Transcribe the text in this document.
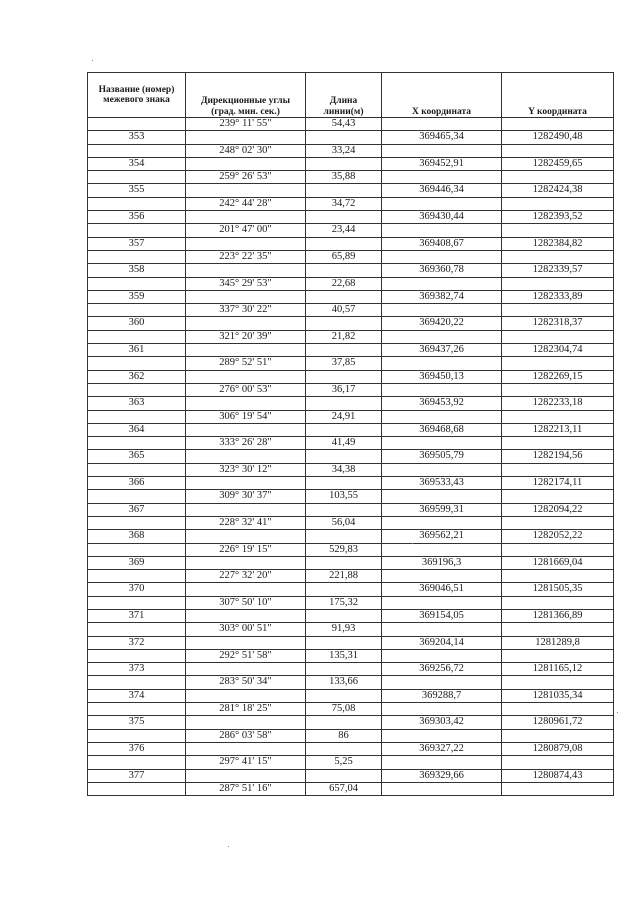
Название (номер) межевого знака	Дирекционные углы (град. мин. сек.)	Длина линии(м)	X координата	Y координата
	239° 11' 55"	54,43		
353			369465,34	1282490,48
	248° 02' 30"	33,24		
354			369452,91	1282459,65
	259° 26' 53"	35,88		
355			369446,34	1282424,38
	242° 44' 28"	34,72		
356			369430,44	1282393,52
	201° 47' 00"	23,44		
357			369408,67	1282384,82
	223° 22' 35"	65,89		
358			369360,78	1282339,57
	345° 29' 53"	22,68		
359			369382,74	1282333,89
	337° 30' 22"	40,57		
360			369420,22	1282318,37
	321° 20' 39"	21,82		
361			369437,26	1282304,74
	289° 52' 51"	37,85		
362			369450,13	1282269,15
	276° 00' 53"	36,17		
363			369453,92	1282233,18
	306° 19' 54"	24,91		
364			369468,68	1282213,11
	333° 26' 28"	41,49		
365			369505,79	1282194,56
	323° 30' 12"	34,38		
366			369533,43	1282174,11
	309° 30' 37"	103,55		
367			369599,31	1282094,22
	228° 32' 41"	56,04		
368			369562,21	1282052,22
	226° 19' 15"	529,83		
369			369196,3	1281669,04
	227° 32' 20"	221,88		
370			369046,51	1281505,35
	307° 50' 10"	175,32		
371			369154,05	1281366,89
	303° 00' 51"	91,93		
372			369204,14	1281289,8
	292° 51' 58"	135,31		
373			369256,72	1281165,12
	283° 50' 34"	133,66		
374			369288,7	1281035,34
	281° 18' 25"	75,08		
375			369303,42	1280961,72
	286° 03' 58"	86		
376			369327,22	1280879,08
	297° 41' 15"	5,25		
377			369329,66	1280874,43
	287° 51' 16"	657,04		
